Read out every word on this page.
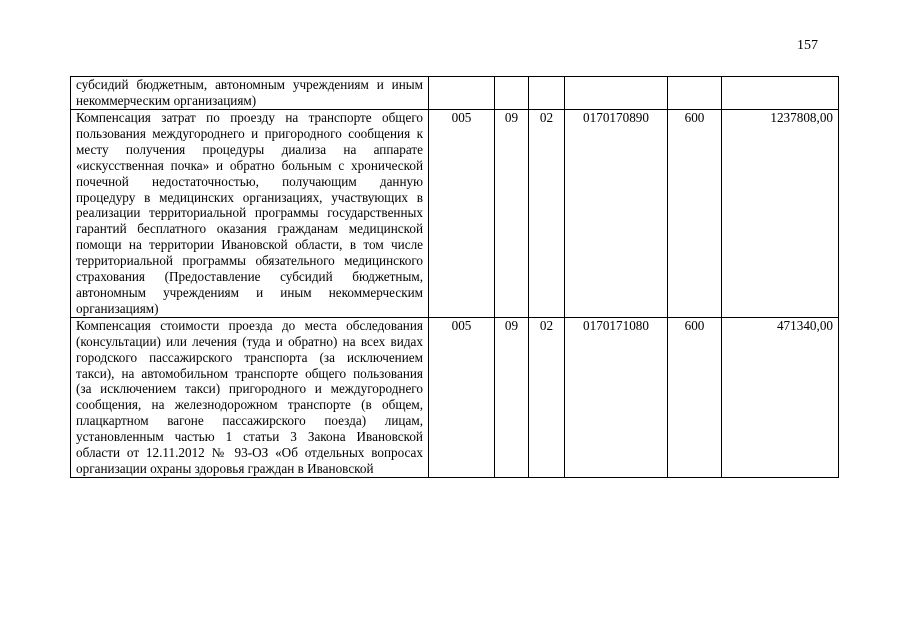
157
субсидий бюджетным, автономным учреждениям и иным некоммерческим организациям)						
Компенсация затрат по проезду на транспорте общего пользования междугороднего и пригородного сообщения к месту получения процедуры диализа на аппарате «искусственная почка» и обратно больным с хронической почечной недостаточностью, получающим данную процедуру в медицинских организациях, участвующих в реализации территориальной программы государственных гарантий бесплатного оказания гражданам медицинской помощи на территории Ивановской области, в том числе территориальной программы обязательного медицинского страхования (Предоставление субсидий бюджетным, автономным учреждениям и иным некоммерческим организациям)	005	09	02	0170170890	600	1237808,00
Компенсация стоимости проезда до места обследования (консультации) или лечения (туда и обратно) на всех видах городского пассажирского транспорта (за исключением такси), на автомобильном транспорте общего пользования (за исключением такси) пригородного и междугороднего сообщения, на железнодорожном транспорте (в общем, плацкартном вагоне пассажирского поезда) лицам, установленным частью 1 статьи 3 Закона Ивановской области от 12.11.2012 № 93-ОЗ «Об отдельных вопросах организации охраны здоровья граждан в Ивановской	005	09	02	0170171080	600	471340,00
